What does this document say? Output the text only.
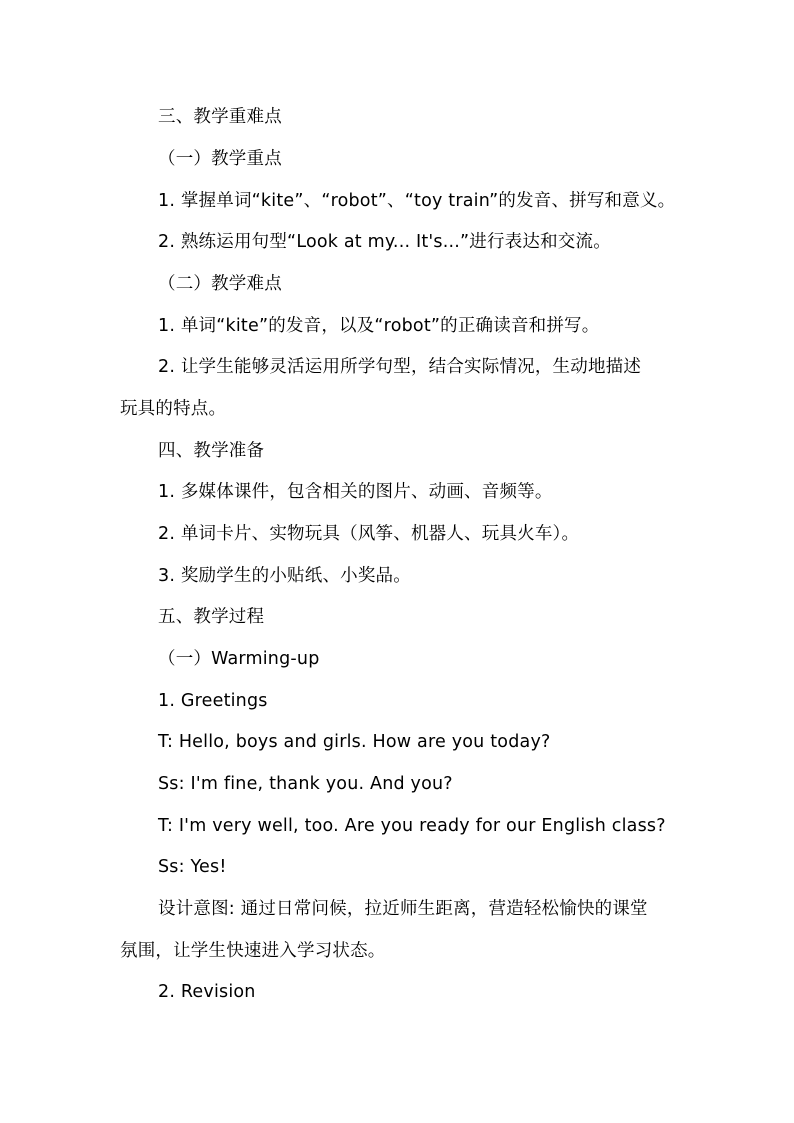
三、教学重难点
（一）教学重点
1. 掌握单词“kite”、“robot”、“toy train”的发音、拼写和意义。
2. 熟练运用句型“Look at my... It's...”进行表达和交流。
（二）教学难点
1. 单词“kite”的发音，以及“robot”的正确读音和拼写。
2. 让学生能够灵活运用所学句型，结合实际情况，生动地描述
玩具的特点。
四、教学准备
1. 多媒体课件，包含相关的图片、动画、音频等。
2. 单词卡片、实物玩具（风筝、机器人、玩具火车）。
3. 奖励学生的小贴纸、小奖品。
五、教学过程
（一）Warming-up
1. Greetings
T: Hello, boys and girls. How are you today?
Ss: I'm fine, thank you. And you?
T: I'm very well, too. Are you ready for our English class?
Ss: Yes!
设计意图: 通过日常问候，拉近师生距离，营造轻松愉快的课堂
氛围，让学生快速进入学习状态。
2. Revision
